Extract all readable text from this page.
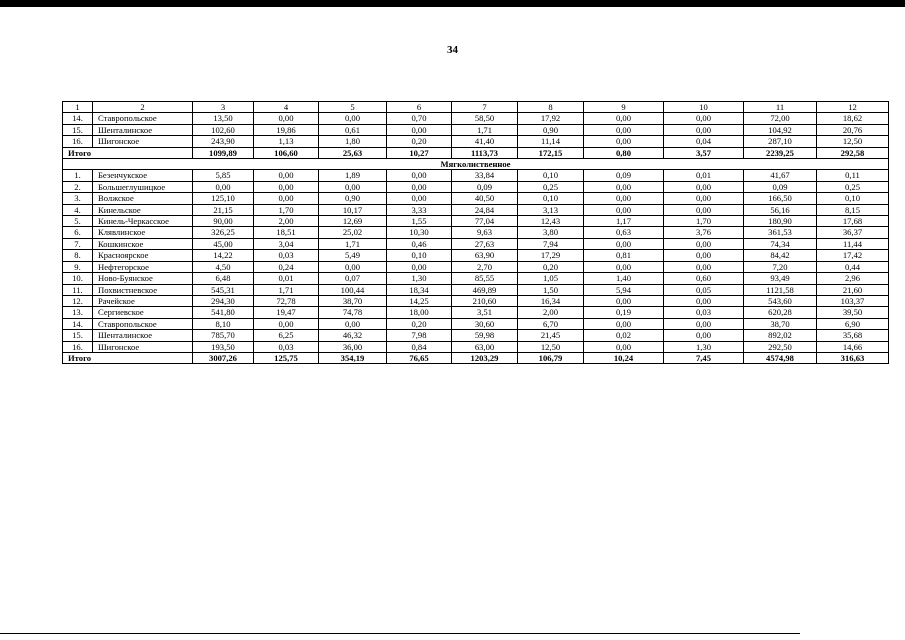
34
1	2	3	4	5	6	7	8	9	10	11	12
14.	Ставропольское	13,50	0,00	0,00	0,70	58,50	17,92	0,00	0,00	72,00	18,62
15.	Шенталинское	102,60	19,86	0,61	0,00	1,71	0,90	0,00	0,00	104,92	20,76
16.	Шигонское	243,90	1,13	1,80	0,20	41,40	11,14	0,00	0,04	287,10	12,50
Итого		1099,89	106,60	25,63	10,27	1113,73	172,15	0,80	3,57	2239,25	292,58
Мягколиственное											
1.	Безенчукское	5,85	0,00	1,89	0,00	33,84	0,10	0,09	0,01	41,67	0,11
2.	Большеглушицкое	0,00	0,00	0,00	0,00	0,09	0,25	0,00	0,00	0,09	0,25
3.	Волжское	125,10	0,00	0,90	0,00	40,50	0,10	0,00	0,00	166,50	0,10
4.	Кинельское	21,15	1,70	10,17	3,33	24,84	3,13	0,00	0,00	56,16	8,15
5.	Кинель-Черкасское	90,00	2,00	12,69	1,55	77,04	12,43	1,17	1,70	180,90	17,68
6.	Клявлинское	326,25	18,51	25,02	10,30	9,63	3,80	0,63	3,76	361,53	36,37
7.	Кошкинское	45,00	3,04	1,71	0,46	27,63	7,94	0,00	0,00	74,34	11,44
8.	Красноярское	14,22	0,03	5,49	0,10	63,90	17,29	0,81	0,00	84,42	17,42
9.	Нефтегорское	4,50	0,24	0,00	0,00	2,70	0,20	0,00	0,00	7,20	0,44
10.	Ново-Буянское	6,48	0,01	0,07	1,30	85,55	1,05	1,40	0,60	93,49	2,96
11.	Похвистневское	545,31	1,71	100,44	18,34	469,89	1,50	5,94	0,05	1121,58	21,60
12.	Рачейское	294,30	72,78	38,70	14,25	210,60	16,34	0,00	0,00	543,60	103,37
13.	Сергиевское	541,80	19,47	74,78	18,00	3,51	2,00	0,19	0,03	620,28	39,50
14.	Ставропольское	8,10	0,00	0,00	0,20	30,60	6,70	0,00	0,00	38,70	6,90
15.	Шенталинское	785,70	6,25	46,32	7,98	59,98	21,45	0,02	0,00	892,02	35,68
16.	Шигонское	193,50	0,03	36,00	0,84	63,00	12,50	0,00	1,30	292,50	14,66
Итого		3007,26	125,75	354,19	76,65	1203,29	106,79	10,24	7,45	4574,98	316,63
